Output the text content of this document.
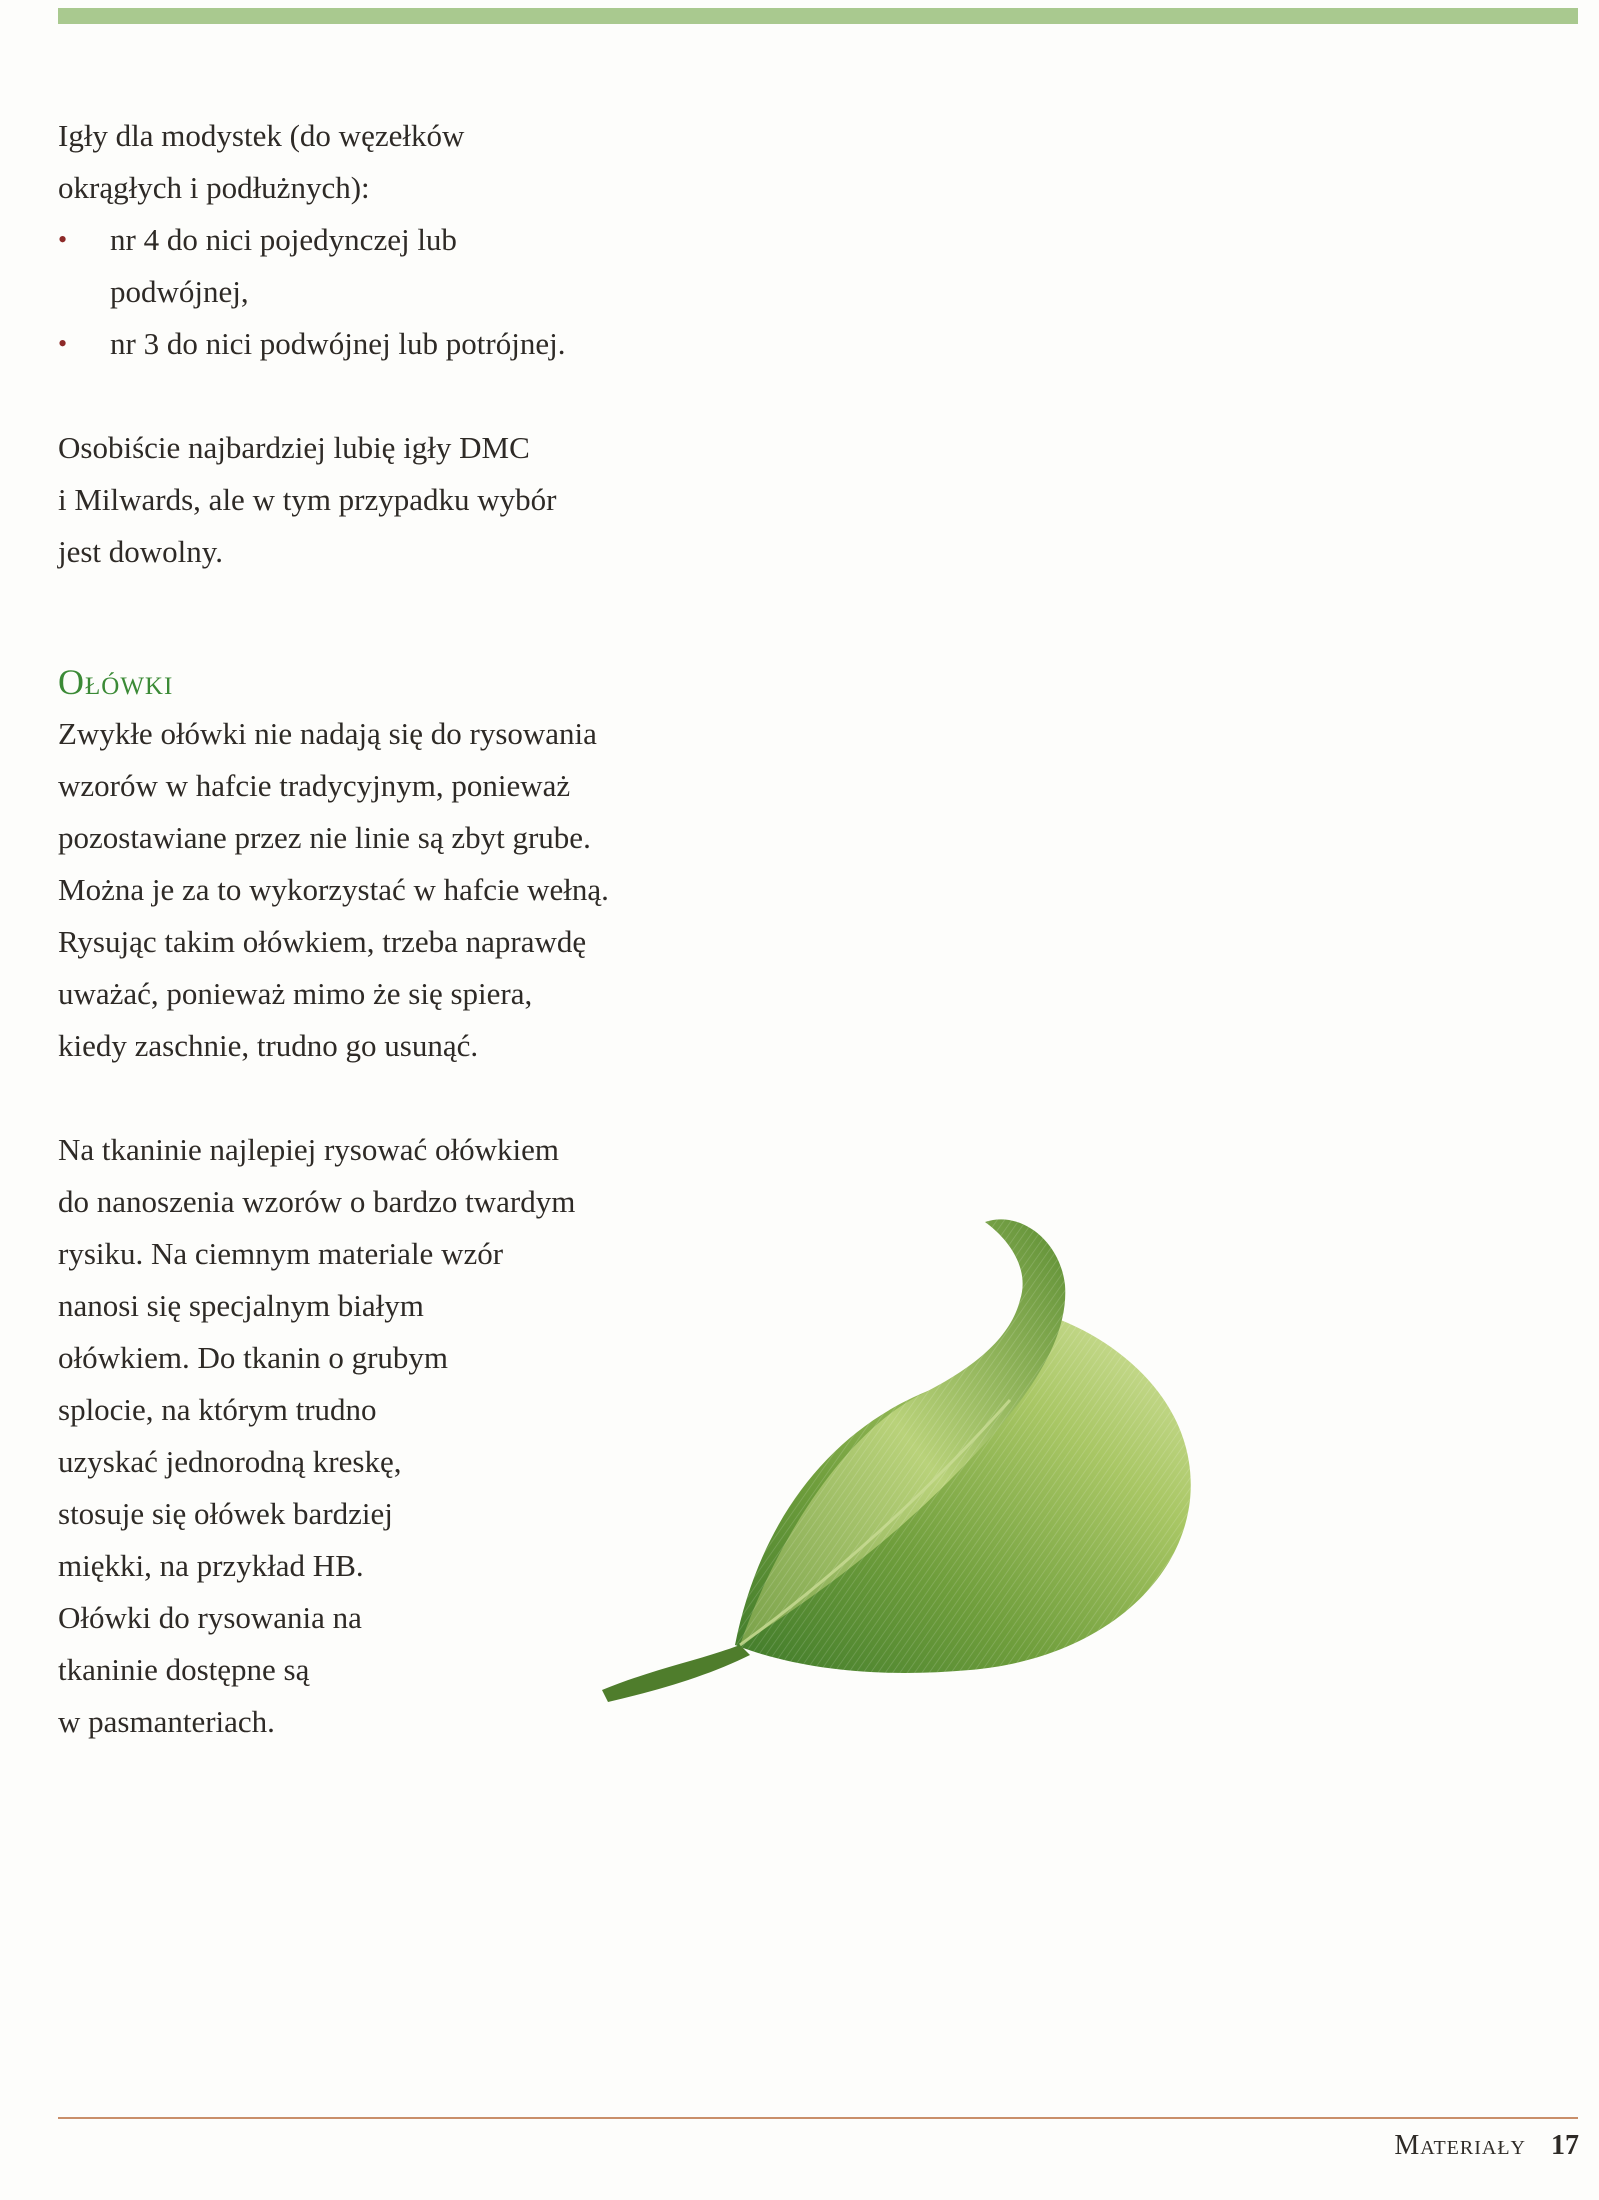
Igły dla modystek (do węzełków
okrągłych i podłużnych):

• nr 4 do nici pojedynczej lub
podwójnej,
• nr 3 do nici podwójnej lub potrójnej.

Osobiście najbardziej lubię igły DMC
i Milwards, ale w tym przypadku wybór
jest dowolny.

Ołówki

Zwykłe ołówki nie nadają się do rysowania
wzorów w hafcie tradycyjnym, ponieważ
pozostawiane przez nie linie są zbyt grube.
Można je za to wykorzystać w hafcie wełną.
Rysując takim ołówkiem, trzeba naprawdę
uważać, ponieważ mimo że się spiera,
kiedy zaschnie, trudno go usunąć.

Na tkaninie najlepiej rysować ołówkiem
do nanoszenia wzorów o bardzo twardym
rysiku. Na ciemnym materiale wzór
nanosi się specjalnym białym
ołówkiem. Do tkanin o grubym
splocie, na którym trudno
uzyskać jednorodną kreskę,
stosuje się ołówek bardziej
miękki, na przykład HB.
Ołówki do rysowania na
tkaninie dostępne są
w pasmanteriach.

Materiały 17
